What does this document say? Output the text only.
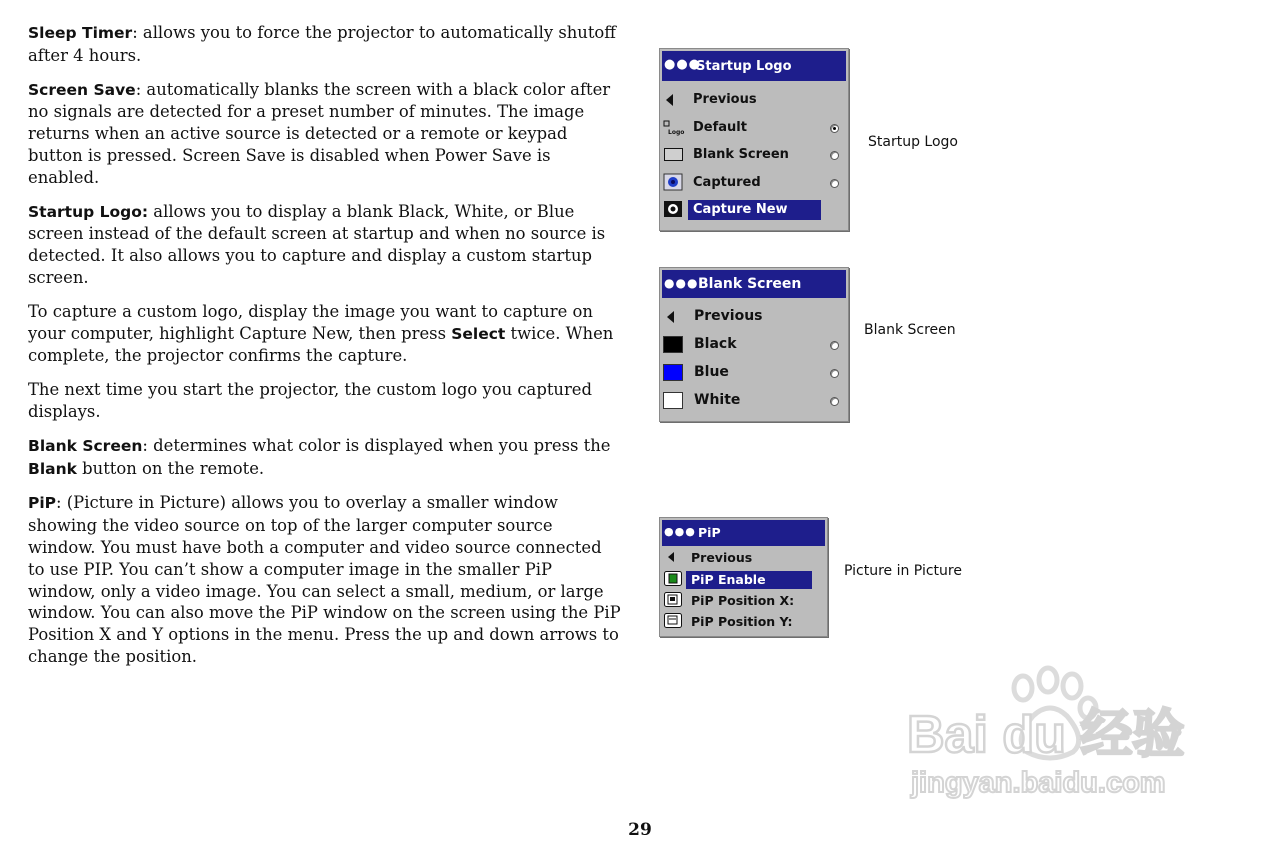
Sleep Timer: allows you to force the projector to automatically shutoff after 4 hours.

Screen Save: automatically blanks the screen with a black color after no signals are detected for a preset number of minutes. The image returns when an active source is detected or a remote or keypad button is pressed. Screen Save is disabled when Power Save is enabled.

Startup Logo: allows you to display a blank Black, White, or Blue screen instead of the default screen at startup and when no source is detected. It also allows you to capture and display a custom startup screen.

To capture a custom logo, display the image you want to capture on your computer, highlight Capture New, then press Select twice. When complete, the projector confirms the capture.

The next time you start the projector, the custom logo you captured displays.

Blank Screen: determines what color is displayed when you press the Blank button on the remote.

PiP: (Picture in Picture) allows you to overlay a smaller window showing the video source on top of the larger computer source window. You must have both a computer and video source connected to use PIP. You can’t show a computer image in the smaller PiP window, only a video image. You can select a small, medium, or large window. You can also move the PiP window on the screen using the PiP Position X and Y options in the menu. Press the up and down arrows to change the position.

●●●
Startup Logo
Previous
Logo Default
Blank Screen
Captured
Capture New
Startup Logo
●●● Blank Screen
Previous
Black
Blue
White
Blank Screen
●●● PiP
Previous
PiP Enable
PiP Position X:
PiP Position Y:
Picture in Picture
Bai du 经验
jingyan.baidu.com
29
